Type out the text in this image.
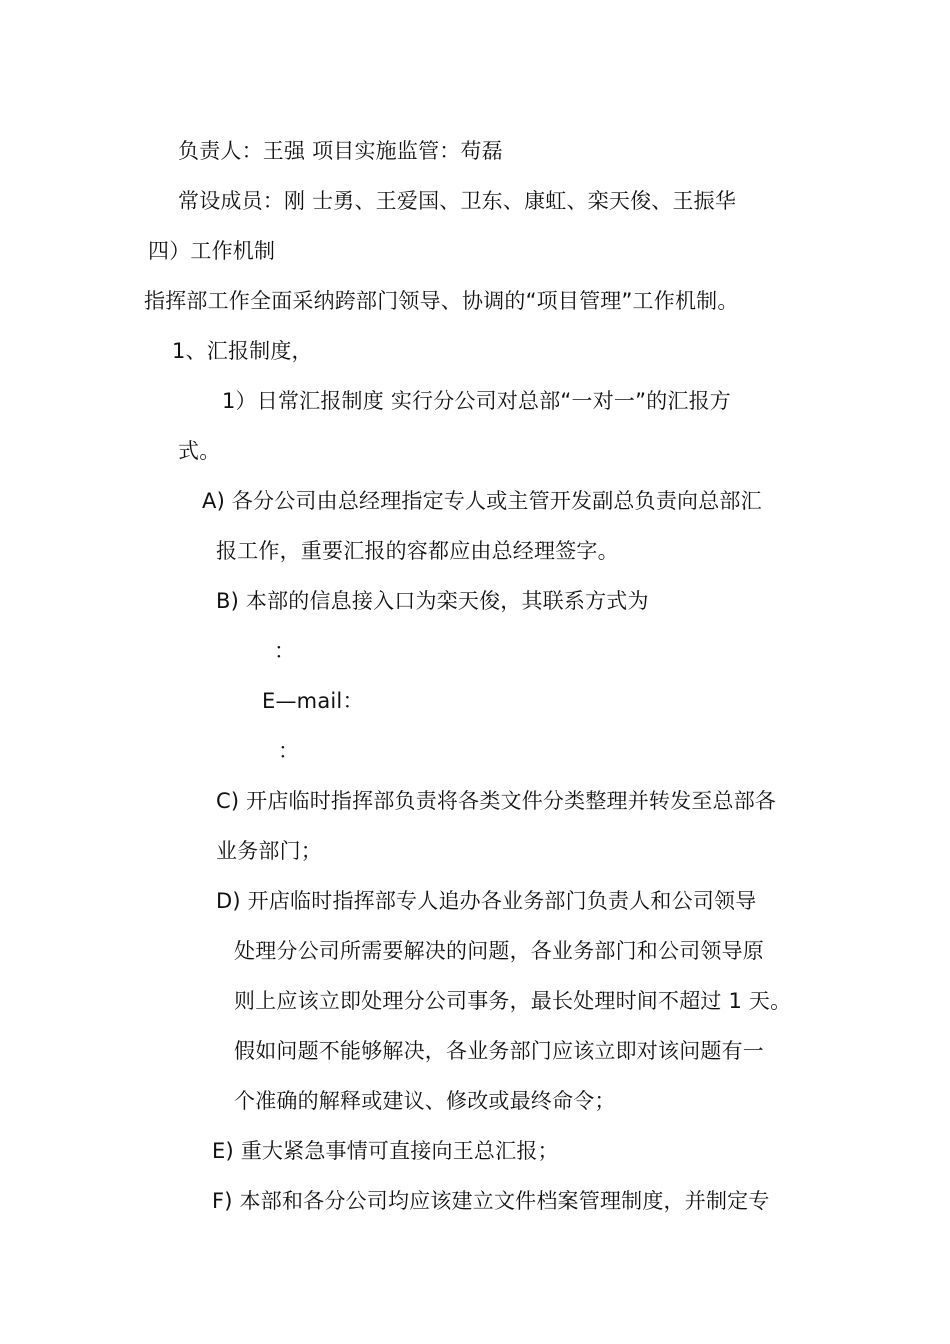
负责人：王强 项目实施监管：苟磊
常设成员：刚 士勇、王爱国、卫东、康虹、栾天俊、王振华
四）工作机制
指挥部工作全面采纳跨部门领导、协调的“项目管理”工作机制。
1、汇报制度，
1）日常汇报制度 实行分公司对总部“一对一”的汇报方
式。
A) 各分公司由总经理指定专人或主管开发副总负责向总部汇
报工作，重要汇报的容都应由总经理签字。
B) 本部的信息接入口为栾天俊，其联系方式为
：
E—mail：
：
C) 开店临时指挥部负责将各类文件分类整理并转发至总部各
业务部门；
D) 开店临时指挥部专人追办各业务部门负责人和公司领导
处理分公司所需要解决的问题，各业务部门和公司领导原
则上应该立即处理分公司事务，最长处理时间不超过 1 天。
假如问题不能够解决，各业务部门应该立即对该问题有一
个准确的解释或建议、修改或最终命令；
E) 重大紧急事情可直接向王总汇报；
F) 本部和各分公司均应该建立文件档案管理制度，并制定专
